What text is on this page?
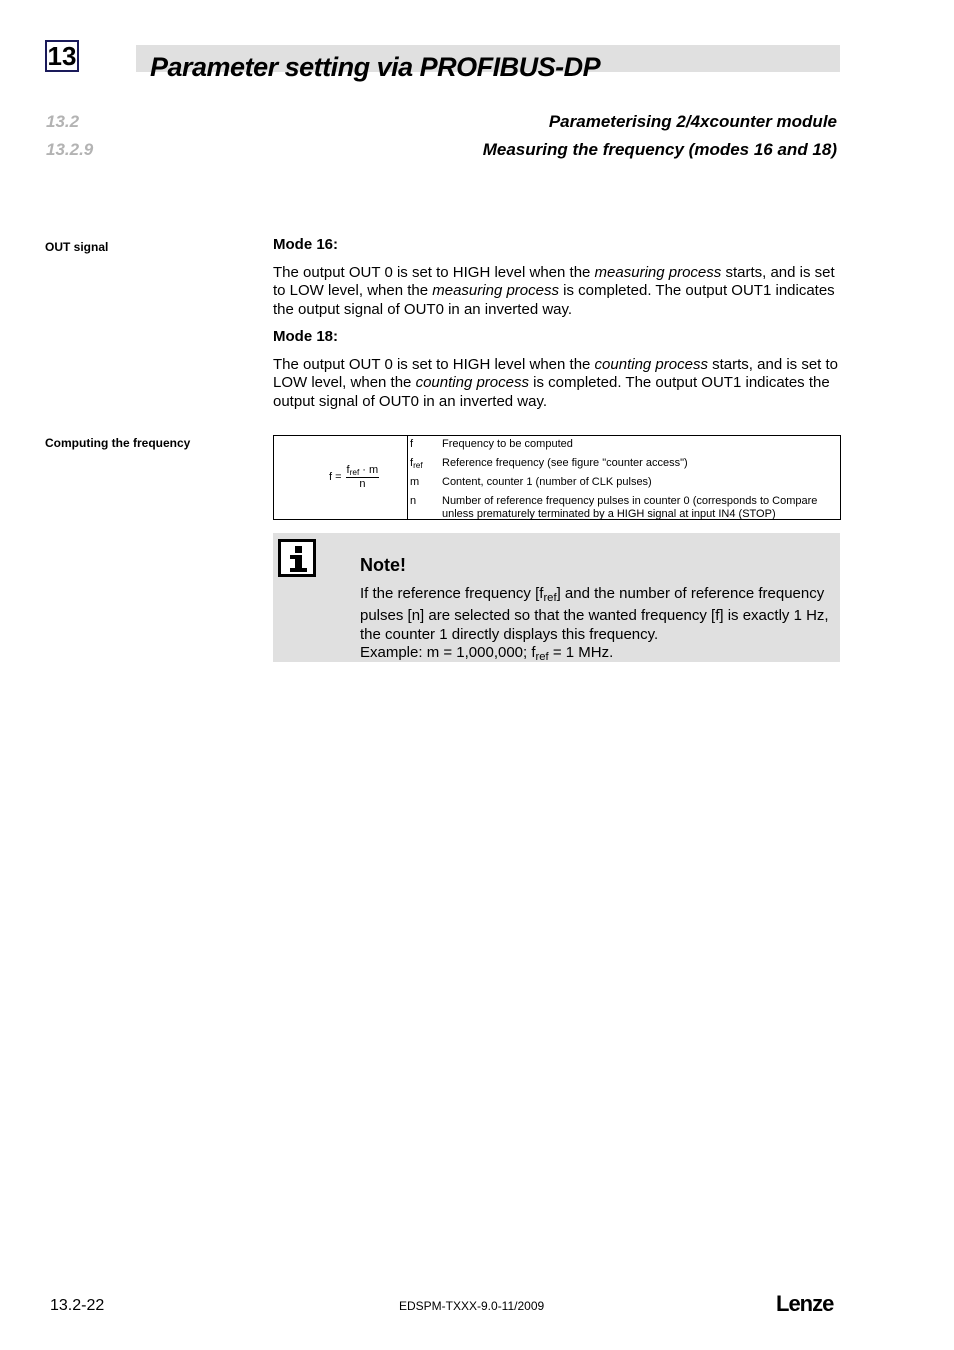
13	Parameter setting via PROFIBUS-DP
13.2	Parameterising 2/4xcounter module
13.2.9	Measuring the frequency (modes 16 and 18)
OUT signal	Mode 16:

The output OUT 0 is set to HIGH level when the measuring process starts, and is set to LOW level, when the measuring process is completed. The output OUT1 indicates the output signal of OUT0 in an inverted way.

Mode 18:

The output OUT 0 is set to HIGH level when the counting process starts, and is set to LOW level, when the counting process is completed. The output OUT1 indicates the output signal of OUT0 in an inverted way.

Computing the frequency
$f = \frac{f_{ref} \cdot m}{n}$
f	Frequency to be computed
$f_{ref}$	Reference frequency (see figure "counter access")
m	Content, counter 1 (number of CLK pulses)
n	Number of reference frequency pulses in counter 0 (corresponds to Compare unless prematurely terminated by a HIGH signal at input IN4 (STOP)
Note!

If the reference frequency $[f_{ref}]$ and the number of reference frequency pulses [n] are selected so that the wanted frequency [f] is exactly 1 Hz, the counter 1 directly displays this frequency.

Example: m = 1,000,000; $f_{ref} = 1$ MHz.

13.2-22	EDSPM-TXXX-9.0-11/2009	Lenze
